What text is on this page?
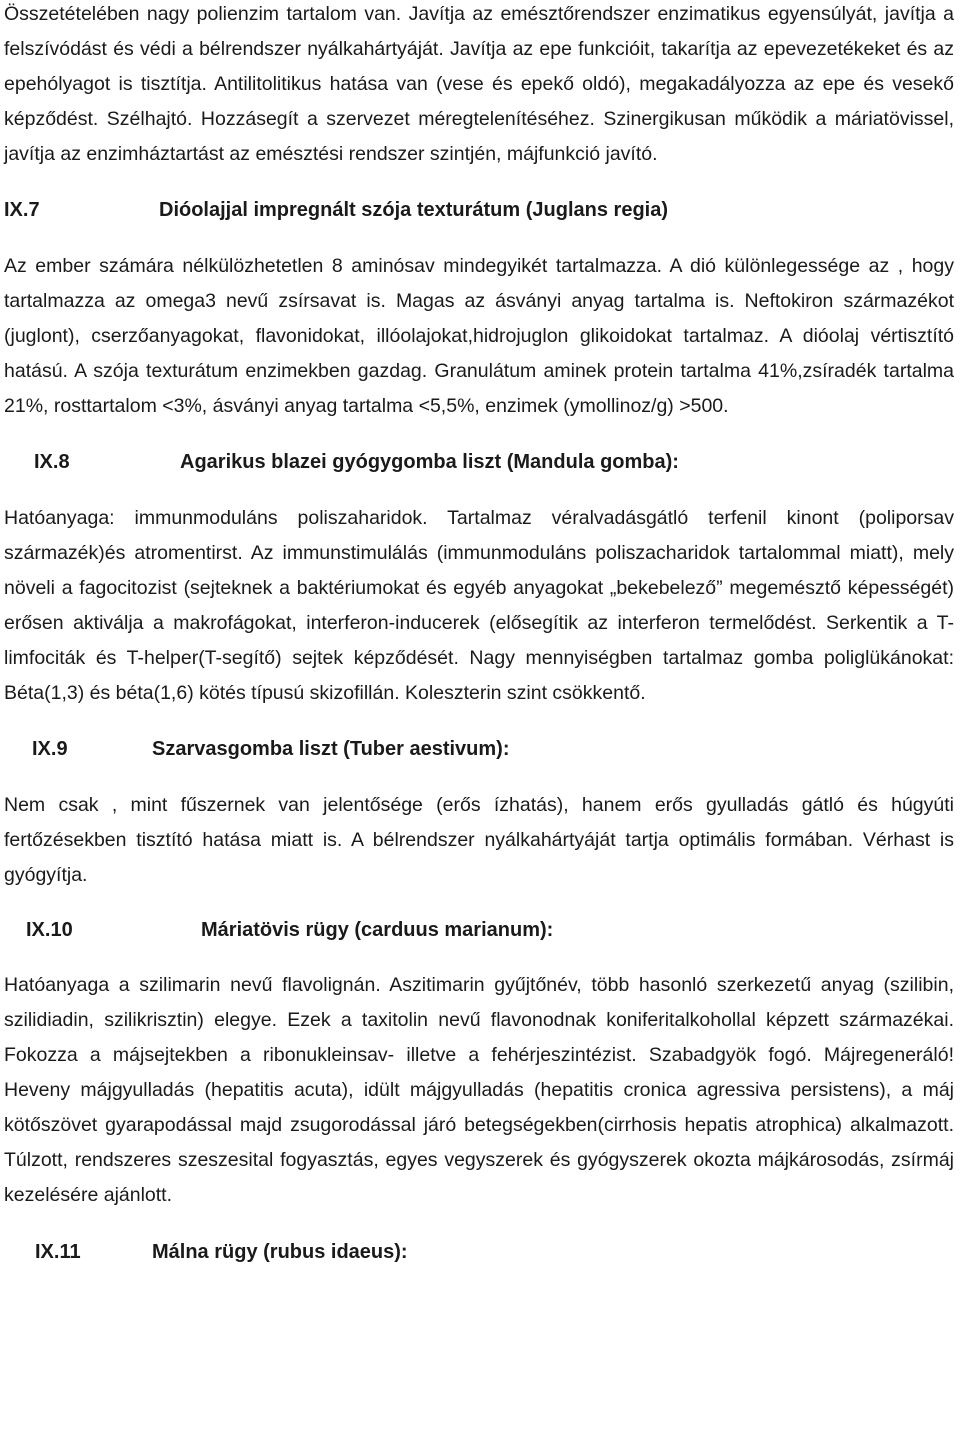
Összetételében nagy polienzim tartalom van. Javítja az emésztőrendszer enzimatikus egyensúlyát, javítja a felszívódást és védi a bélrendszer nyálkahártyáját. Javítja az epe funkcióit, takarítja az epevezetékeket és az epehólyagot is tisztítja. Antilitolitikus hatása van (vese és epekő oldó), megakadályozza az epe és vesekő képződést. Szélhajtó. Hozzásegít a szervezet méregtelenítéséhez. Szinergikusan működik a máriatövissel, javítja az enzimháztartást az emésztési rendszer szintjén, májfunkció javító.

IX.7	Dióolajjal impregnált szója texturátum (Juglans regia)

Az ember számára nélkülözhetetlen 8 aminósav mindegyikét tartalmazza. A dió különlegessége az , hogy tartalmazza az omega3 nevű zsírsavat is. Magas az ásványi anyag tartalma is. Neftokiron származékot (juglont), cserzőanyagokat, flavonidokat, illóolajokat,hidrojuglon glikoidokat tartalmaz. A dióolaj vértisztító hatású. A szója texturátum enzimekben gazdag. Granulátum aminek protein tartalma 41%,zsíradék tartalma 21%, rosttartalom <3%, ásványi anyag tartalma <5,5%, enzimek (ymollinoz/g) >500.

IX.8	Agarikus blazei gyógygomba liszt (Mandula gomba):

Hatóanyaga: immunmoduláns poliszaharidok. Tartalmaz véralvadásgátló terfenil kinont (poliporsav származék)és atromentirst. Az immunstimulálás (immunmoduláns poliszacharidok tartalommal miatt), mely növeli a fagocitozist (sejteknek a baktériumokat és egyéb anyagokat „bekebelező” megemésztő képességét) erősen aktiválja a makrofágokat, interferon-inducerek (elősegítik az interferon termelődést. Serkentik a T-limfociták és T-helper(T-segítő) sejtek képződését. Nagy mennyiségben tartalmaz gomba poliglükánokat: Béta(1,3) és béta(1,6) kötés típusú skizofillán. Koleszterin szint csökkentő.

IX.9	Szarvasgomba liszt (Tuber aestivum):

Nem csak , mint fűszernek van jelentősége (erős ízhatás), hanem erős gyulladás gátló és húgyúti fertőzésekben tisztító hatása miatt is. A bélrendszer nyálkahártyáját tartja optimális formában. Vérhast is gyógyítja.

IX.10	Máriatövis rügy (carduus marianum):

Hatóanyaga a szilimarin nevű flavolignán. Aszitimarin gyűjtőnév, több hasonló szerkezetű anyag (szilibin, szilidiadin, szilikrisztin) elegye. Ezek a taxitolin nevű flavonodnak koniferitalkohollal képzett származékai. Fokozza a májsejtekben a ribonukleinsav- illetve a fehérjeszintézist. Szabadgyök fogó. Májregeneráló! Heveny májgyulladás (hepatitis acuta), idült májgyulladás (hepatitis cronica agressiva persistens), a máj kötőszövet gyarapodással majd zsugorodással járó betegségekben(cirrhosis hepatis atrophica) alkalmazott. Túlzott, rendszeres szeszesital fogyasztás, egyes vegyszerek és gyógyszerek okozta májkárosodás, zsírmáj kezelésére ajánlott.

IX.11	Málna rügy (rubus idaeus):
